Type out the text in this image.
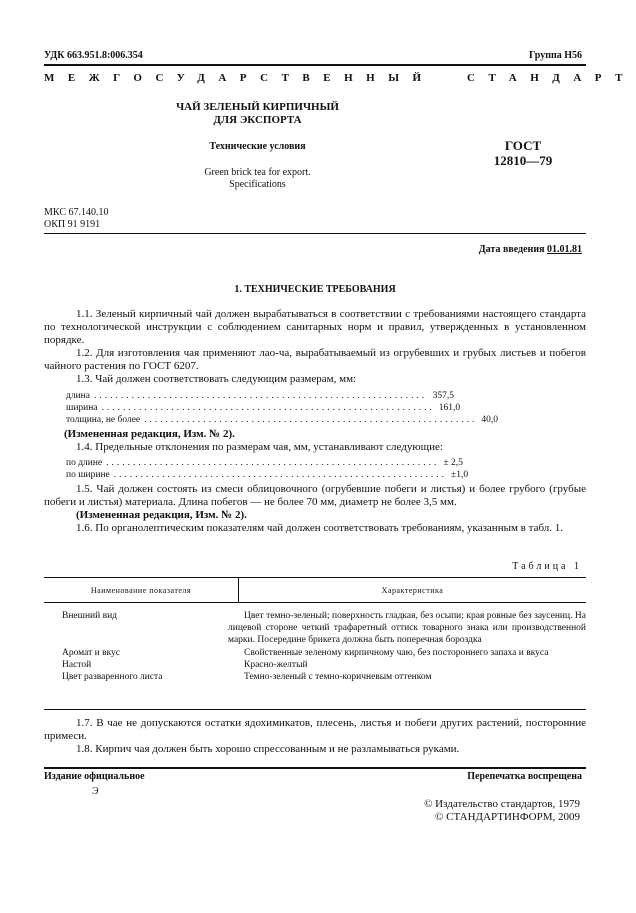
УДК 663.951.8:006.354	Группа Н56
МЕЖГОСУДАРСТВЕННЫЙ  СТАНДАРТ
ЧАЙ ЗЕЛЕНЫЙ КИРПИЧНЫЙ
ДЛЯ ЭКСПОРТА
Технические условия
Green brick tea for export.
Specifications
ГОСТ
12810—79
МКС 67.140.10
ОКП 91 9191
Дата введения 01.01.81
1. ТЕХНИЧЕСКИЕ ТРЕБОВАНИЯ
1.1. Зеленый кирпичный чай должен вырабатываться в соответствии с требованиями настоящего стандарта по технологической инструкции с соблюдением санитарных норм и правил, утвержденных в установленном порядке.
1.2. Для изготовления чая применяют лао-ча, вырабатываемый из огрубевших и грубых листьев и побегов чайного растения по ГОСТ 6207.
1.3. Чай должен соответствовать следующим размерам, мм:
длина .............................................................. 357,5
ширина .............................................................. 161,0
толщина, не более .............................................................. 40,0
(Измененная редакция, Изм. № 2).
1.4. Предельные отклонения по размерам чая, мм, устанавливают следующие:
по длине .............................................................. ± 2,5
по ширине .............................................................. ±1,0
1.5. Чай должен состоять из смеси облицовочного (огрубевшие побеги и листья) и более грубого (грубые побеги и листья) материала. Длина побегов — не более 70 мм, диаметр не более 3,5 мм.
(Измененная редакция, Изм. № 2).
1.6. По органолептическим показателям чай должен соответствовать требованиям, указанным в табл. 1.
Таблица 1
Наименование показателя	Характеристика
Внешний вид	Цвет темно-зеленый; поверхность гладкая, без осыпи; края ровные без заусениц. На лицевой стороне четкий трафаретный оттиск товарного знака или производственной марки. Посередине брикета должна быть поперечная бороздка
Аромат и вкус	Свойственные зеленому кирпичному чаю, без постороннего запаха и вкуса
Настой	Красно-желтый
Цвет разваренного листа	Темно-зеленый с темно-коричневым оттенком
1.7. В чае не допускаются остатки ядохимикатов, плесень, листья и побеги других растений, посторонние примеси.
1.8. Кирпич чая должен быть хорошо спрессованным и не разламываться руками.
Издание официальное	Перепечатка воспрещена
Э
© Издательство стандартов, 1979
© СТАНДАРТИНФОРМ, 2009
